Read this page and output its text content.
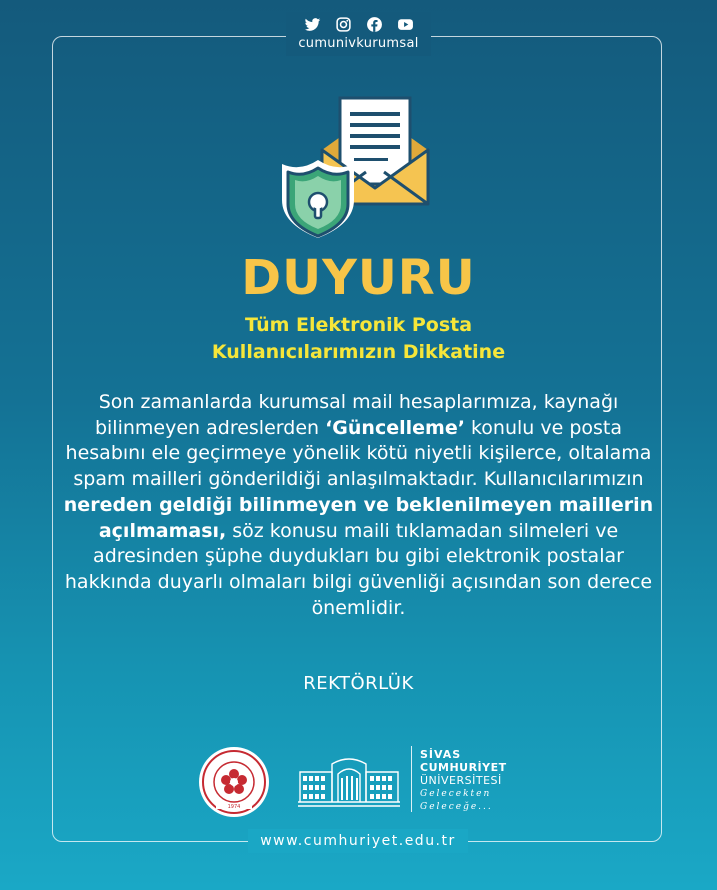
cumunivkurumsal
DUYURU
Tüm Elektronik Posta
Kullanıcılarımızın Dikkatine
Son zamanlarda kurumsal mail hesaplarımıza, kaynağı bilinmeyen adreslerden ‘Güncelleme’ konulu ve posta hesabını ele geçirmeye yönelik kötü niyetli kişilerce, oltalama spam mailleri gönderildiği anlaşılmaktadır. Kullanıcılarımızın nereden geldiği bilinmeyen ve beklenilmeyen maillerin açılmaması, söz konusu maili tıklamadan silmeleri ve adresinden şüphe duydukları bu gibi elektronik postalar hakkında duyarlı olmaları bilgi güvenliği açısından son derece önemlidir.
REKTÖRLÜK
1974
SİVAS
CUMHURİYET
ÜNİVERSİTESİ
Gelecekten
Geleceğe...
www.cumhuriyet.edu.tr
